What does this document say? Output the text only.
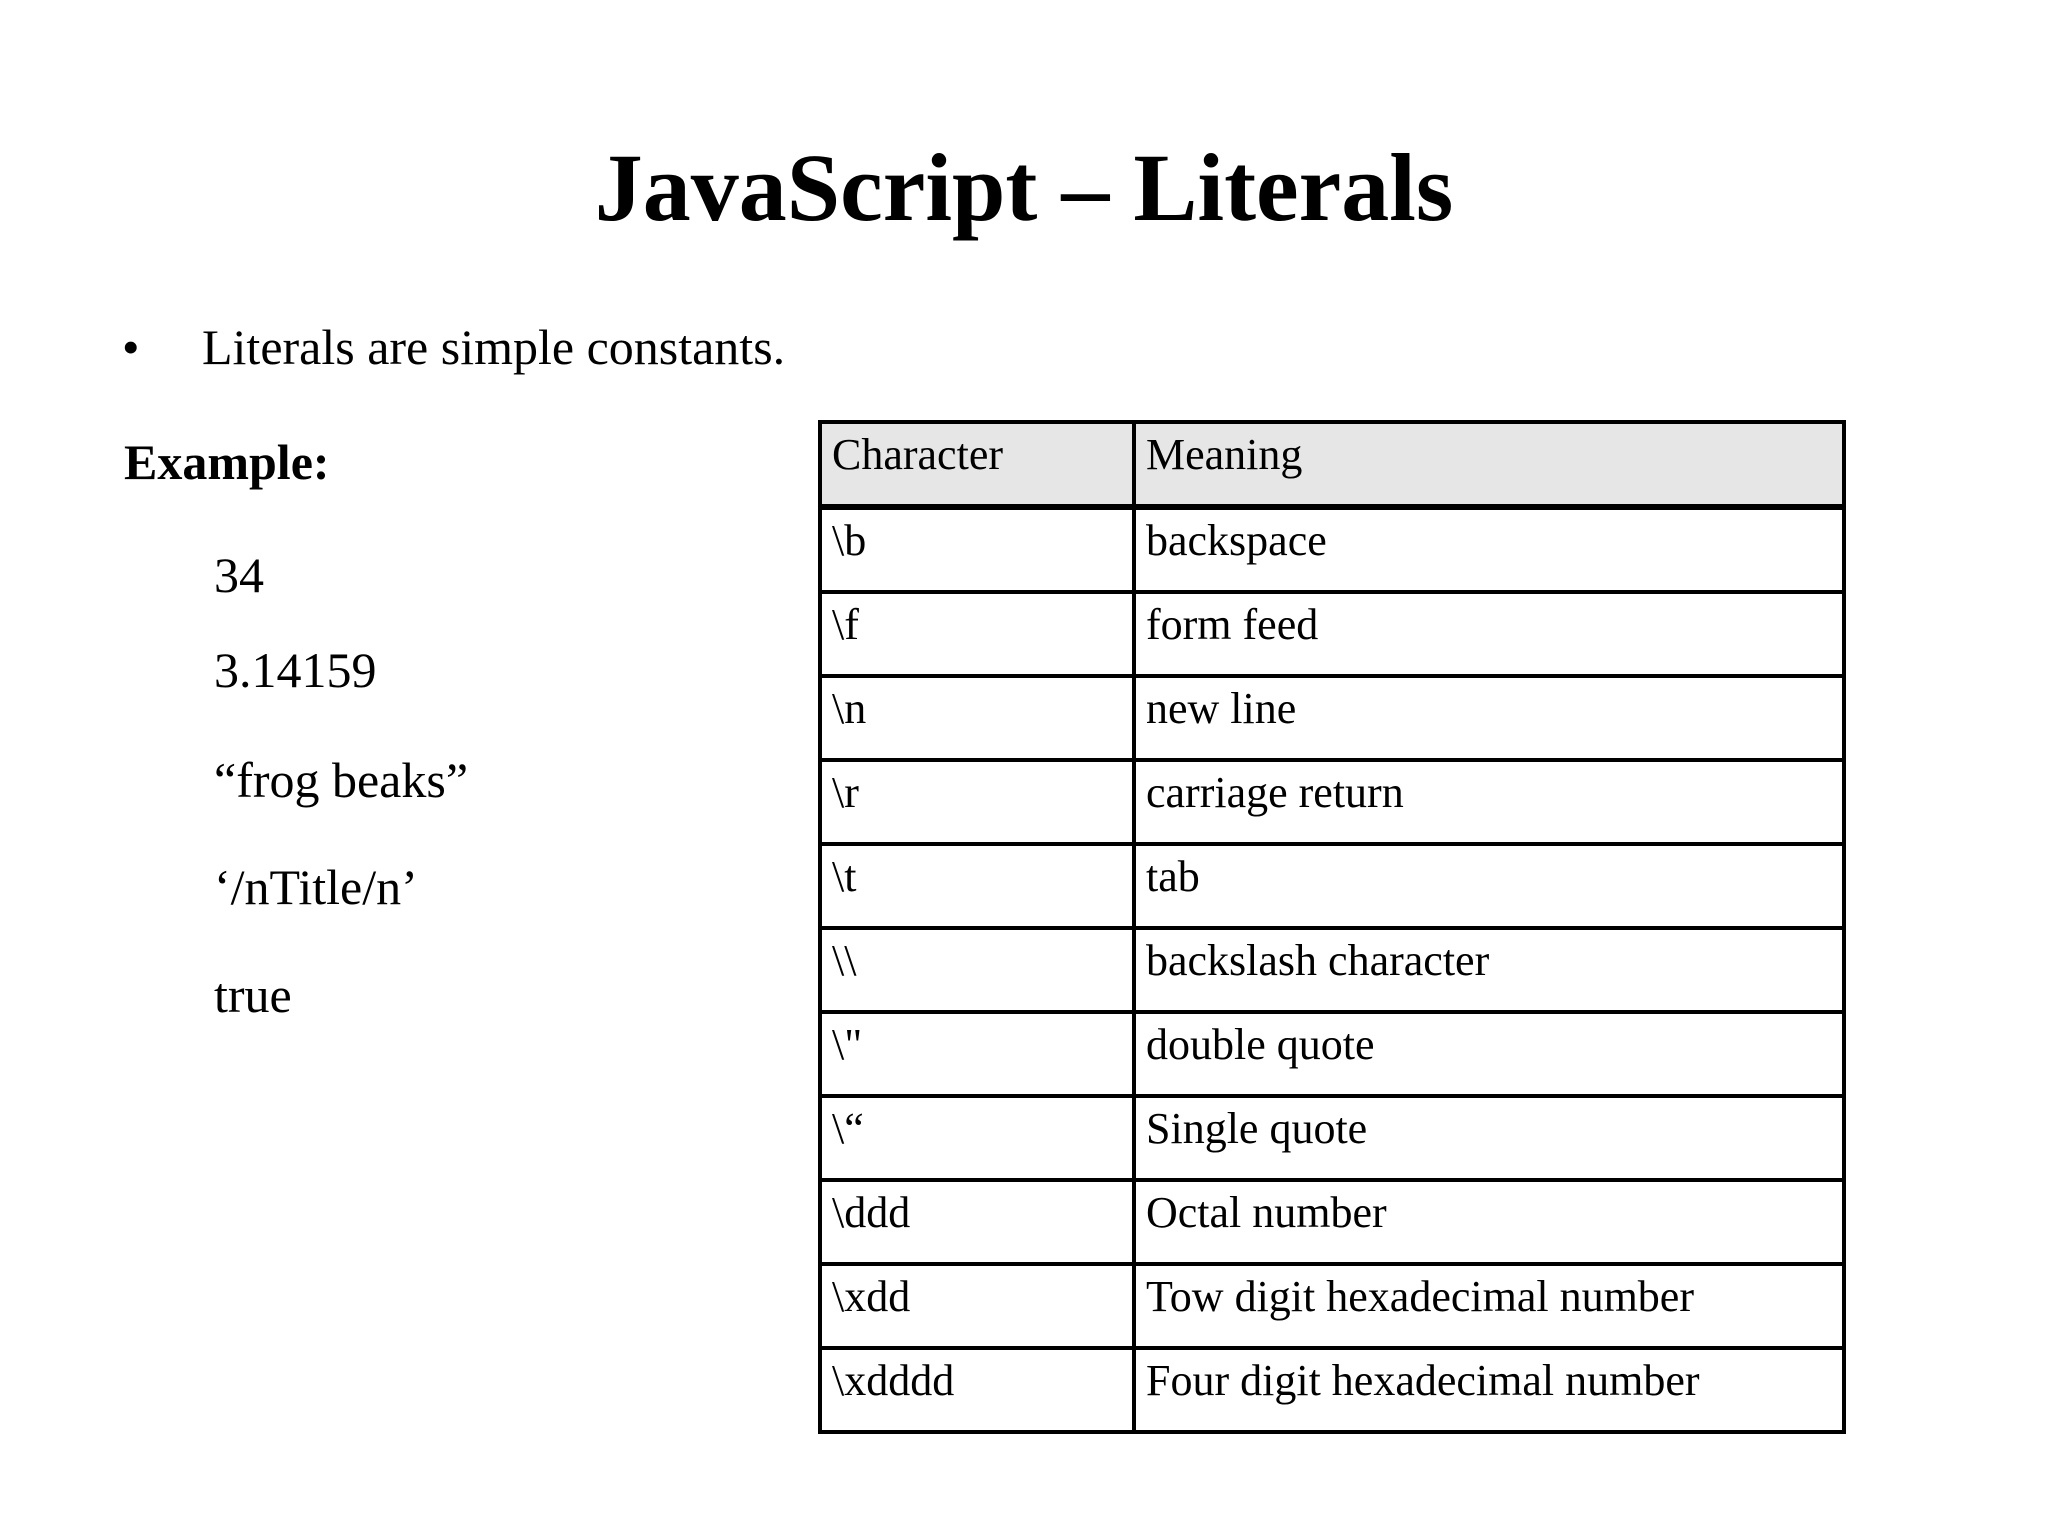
JavaScript – Literals
• Literals are simple constants.
Example:
34
3.14159
“frog beaks”
‘/nTitle/n’
true
Character	Meaning
\b	backspace
\f	form feed
\n	new line
\r	carriage return
\t	tab
\\	backslash character
\"	double quote
\“	Single quote
\ddd	Octal number
\xdd	Tow digit hexadecimal number
\xdddd	Four digit hexadecimal number
